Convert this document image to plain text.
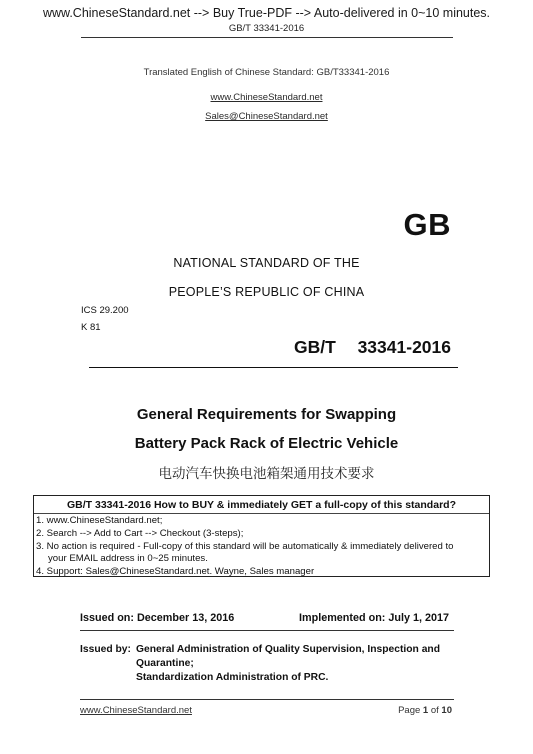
www.ChineseStandard.net --> Buy True-PDF --> Auto-delivered in 0~10 minutes.
GB/T 33341-2016
Translated English of Chinese Standard: GB/T33341-2016
www.ChineseStandard.net
Sales@ChineseStandard.net
GB
NATIONAL STANDARD OF THE
PEOPLE’S REPUBLIC OF CHINA
ICS 29.200
K 81
GB/T  33341-2016
General Requirements for Swapping
Battery Pack Rack of Electric Vehicle
电动汽车快换电池箱架通用技术要求
GB/T 33341-2016 How to BUY & immediately GET a full-copy of this standard?
1. www.ChineseStandard.net;
2. Search --> Add to Cart --> Checkout (3-steps);
3. No action is required - Full-copy of this standard will be automatically & immediately delivered to
your EMAIL address in 0~25 minutes.
4. Support: Sales@ChineseStandard.net. Wayne, Sales manager
Issued on: December 13, 2016	Implemented on: July 1, 2017
Issued by: General Administration of Quality Supervision, Inspection and
Quarantine;
Standardization Administration of PRC.
www.ChineseStandard.net	Page 1 of 10
